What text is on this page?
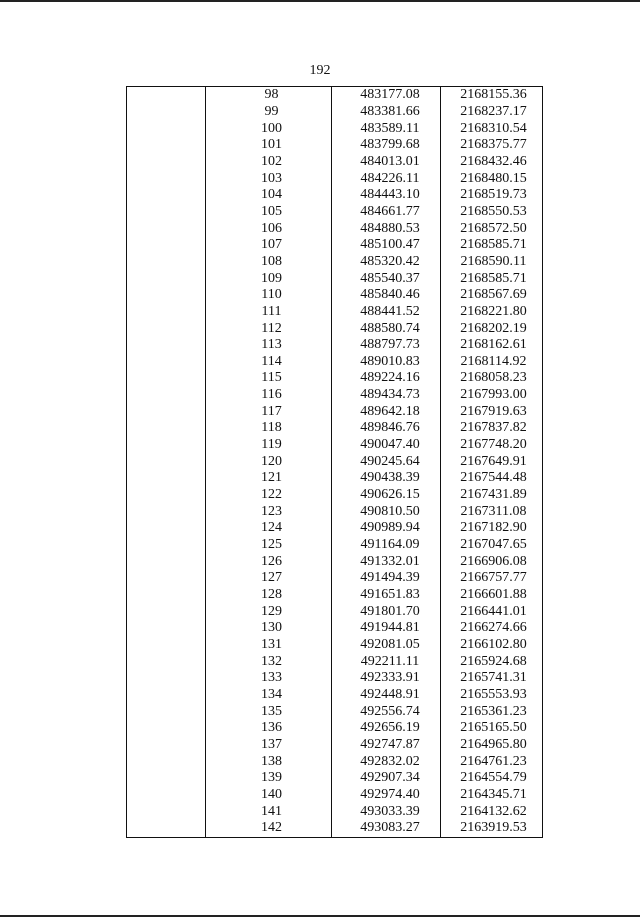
192
	98	483177.08	2168155.36
	99	483381.66	2168237.17
	100	483589.11	2168310.54
	101	483799.68	2168375.77
	102	484013.01	2168432.46
	103	484226.11	2168480.15
	104	484443.10	2168519.73
	105	484661.77	2168550.53
	106	484880.53	2168572.50
	107	485100.47	2168585.71
	108	485320.42	2168590.11
	109	485540.37	2168585.71
	110	485840.46	2168567.69
	111	488441.52	2168221.80
	112	488580.74	2168202.19
	113	488797.73	2168162.61
	114	489010.83	2168114.92
	115	489224.16	2168058.23
	116	489434.73	2167993.00
	117	489642.18	2167919.63
	118	489846.76	2167837.82
	119	490047.40	2167748.20
	120	490245.64	2167649.91
	121	490438.39	2167544.48
	122	490626.15	2167431.89
	123	490810.50	2167311.08
	124	490989.94	2167182.90
	125	491164.09	2167047.65
	126	491332.01	2166906.08
	127	491494.39	2166757.77
	128	491651.83	2166601.88
	129	491801.70	2166441.01
	130	491944.81	2166274.66
	131	492081.05	2166102.80
	132	492211.11	2165924.68
	133	492333.91	2165741.31
	134	492448.91	2165553.93
	135	492556.74	2165361.23
	136	492656.19	2165165.50
	137	492747.87	2164965.80
	138	492832.02	2164761.23
	139	492907.34	2164554.79
	140	492974.40	2164345.71
	141	493033.39	2164132.62
	142	493083.27	2163919.53
